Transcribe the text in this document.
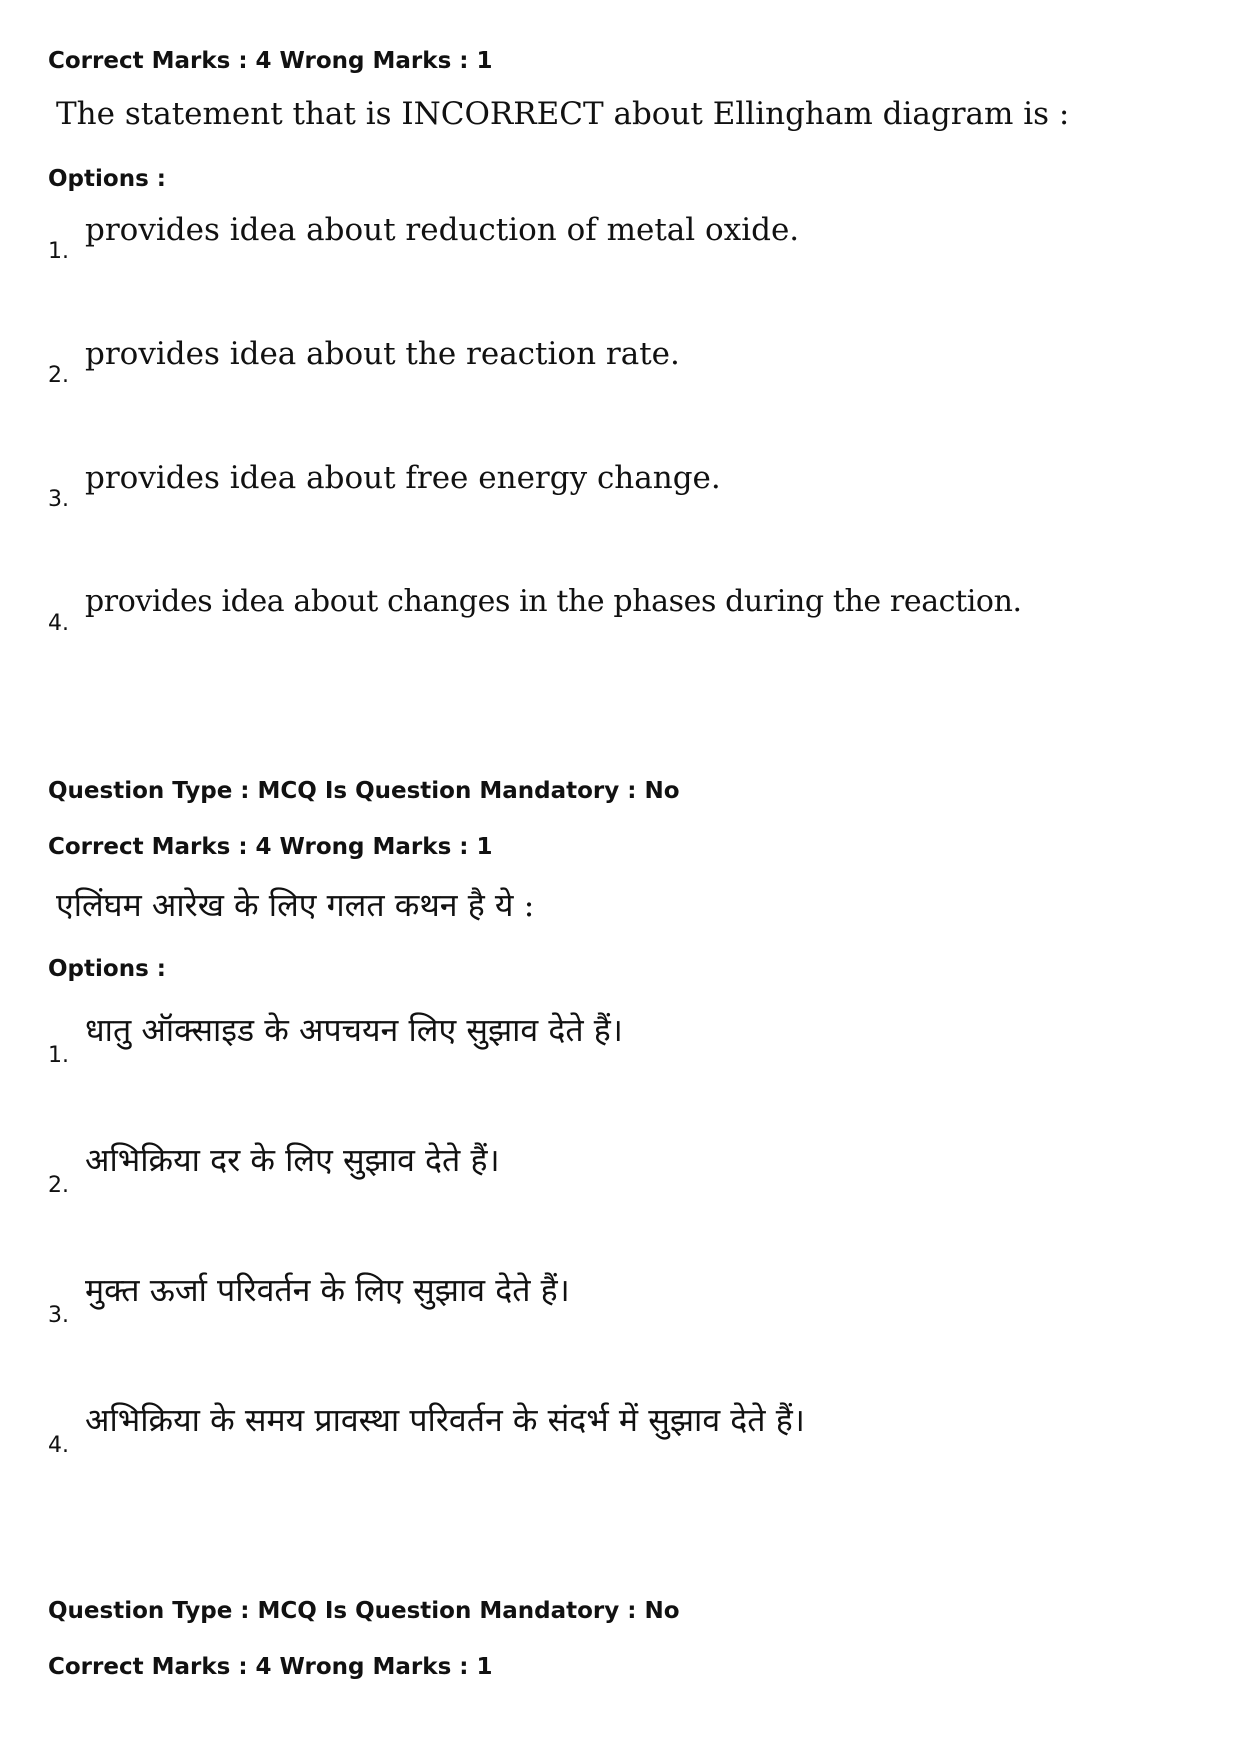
Correct Marks : 4 Wrong Marks : 1
The statement that is INCORRECT about Ellingham diagram is :
Options :
1.
provides idea about reduction of metal oxide.
2.
provides idea about the reaction rate.
3.
provides idea about free energy change.
4.
provides idea about changes in the phases during the reaction.
Question Type : MCQ Is Question Mandatory : No
Correct Marks : 4 Wrong Marks : 1
एलिंघम आरेख के लिए गलत कथन है ये :
Options :
1.
धातु ऑक्साइड के अपचयन लिए सुझाव देते हैं।
2.
अभिक्रिया दर के लिए सुझाव देते हैं।
3.
मुक्त ऊर्जा परिवर्तन के लिए सुझाव देते हैं।
4.
अभिक्रिया के समय प्रावस्था परिवर्तन के संदर्भ में सुझाव देते हैं।
Question Type : MCQ Is Question Mandatory : No
Correct Marks : 4 Wrong Marks : 1
